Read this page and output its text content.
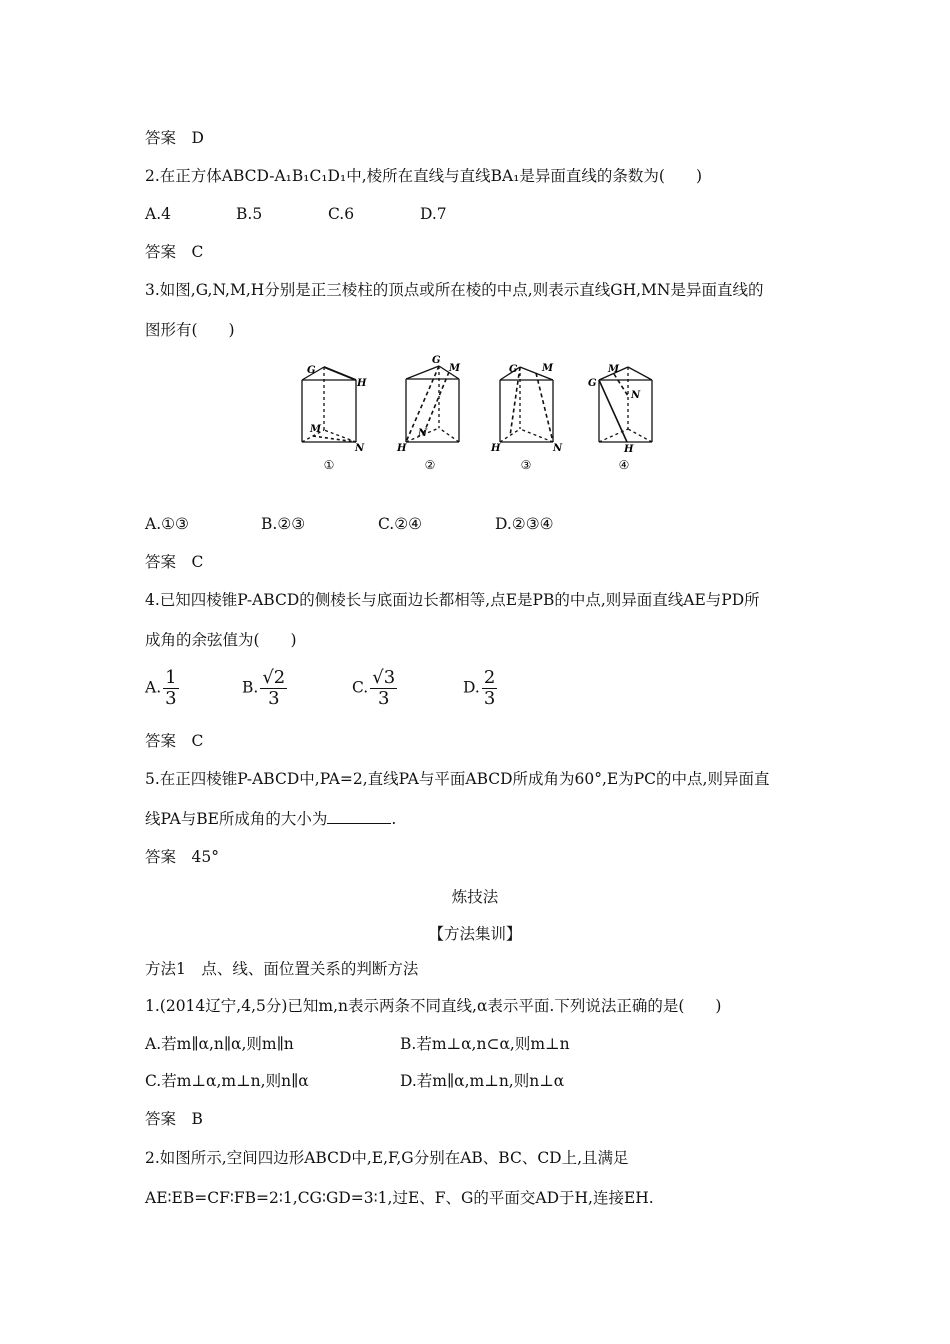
答案　D
2.在正方体ABCD-A₁B₁C₁D₁中,棱所在直线与直线BA₁是异面直线的条数为(　　)
A.4	B.5	C.6	D.7
答案　C
3.如图,G,N,M,H分别是正三棱柱的顶点或所在棱的中点,则表示直线GH,MN是异面直线的
图形有(　　)
G
H
M
N
①
G
M
N
H
②
G M
H	N
③
M
G
N
H
④
A.①③	B.②③	C.②④	D.②③④
答案　C
4.已知四棱锥P-ABCD的侧棱长与底面边长都相等,点E是PB的中点,则异面直线AE与PD所
成角的余弦值为(　　)
A. $\frac{1}{3}$	B. $\frac{√2}{3}$	C. $\frac{√3}{3}$	D. $\frac{2}{3}$
答案　C
5.在正四棱锥P-ABCD中,PA=2,直线PA与平面ABCD所成角为60°,E为PC的中点,则异面直
线PA与BE所成角的大小为	.
答案　45°
炼技法
【方法集训】
方法1　点、线、面位置关系的判断方法
1.(2014辽宁,4,5分)已知m,n表示两条不同直线,α表示平面.下列说法正确的是(　　)
A.若m∥α,n∥α,则m∥n	B.若m⊥α,n⊂α,则m⊥n
C.若m⊥α,m⊥n,则n∥α	D.若m∥α,m⊥n,则n⊥α
答案　B
2.如图所示,空间四边形ABCD中,E,F,G分别在AB、BC、CD上,且满足
AE∶EB=CF∶FB=2∶1,CG∶GD=3∶1,过E、F、G的平面交AD于H,连接EH.
